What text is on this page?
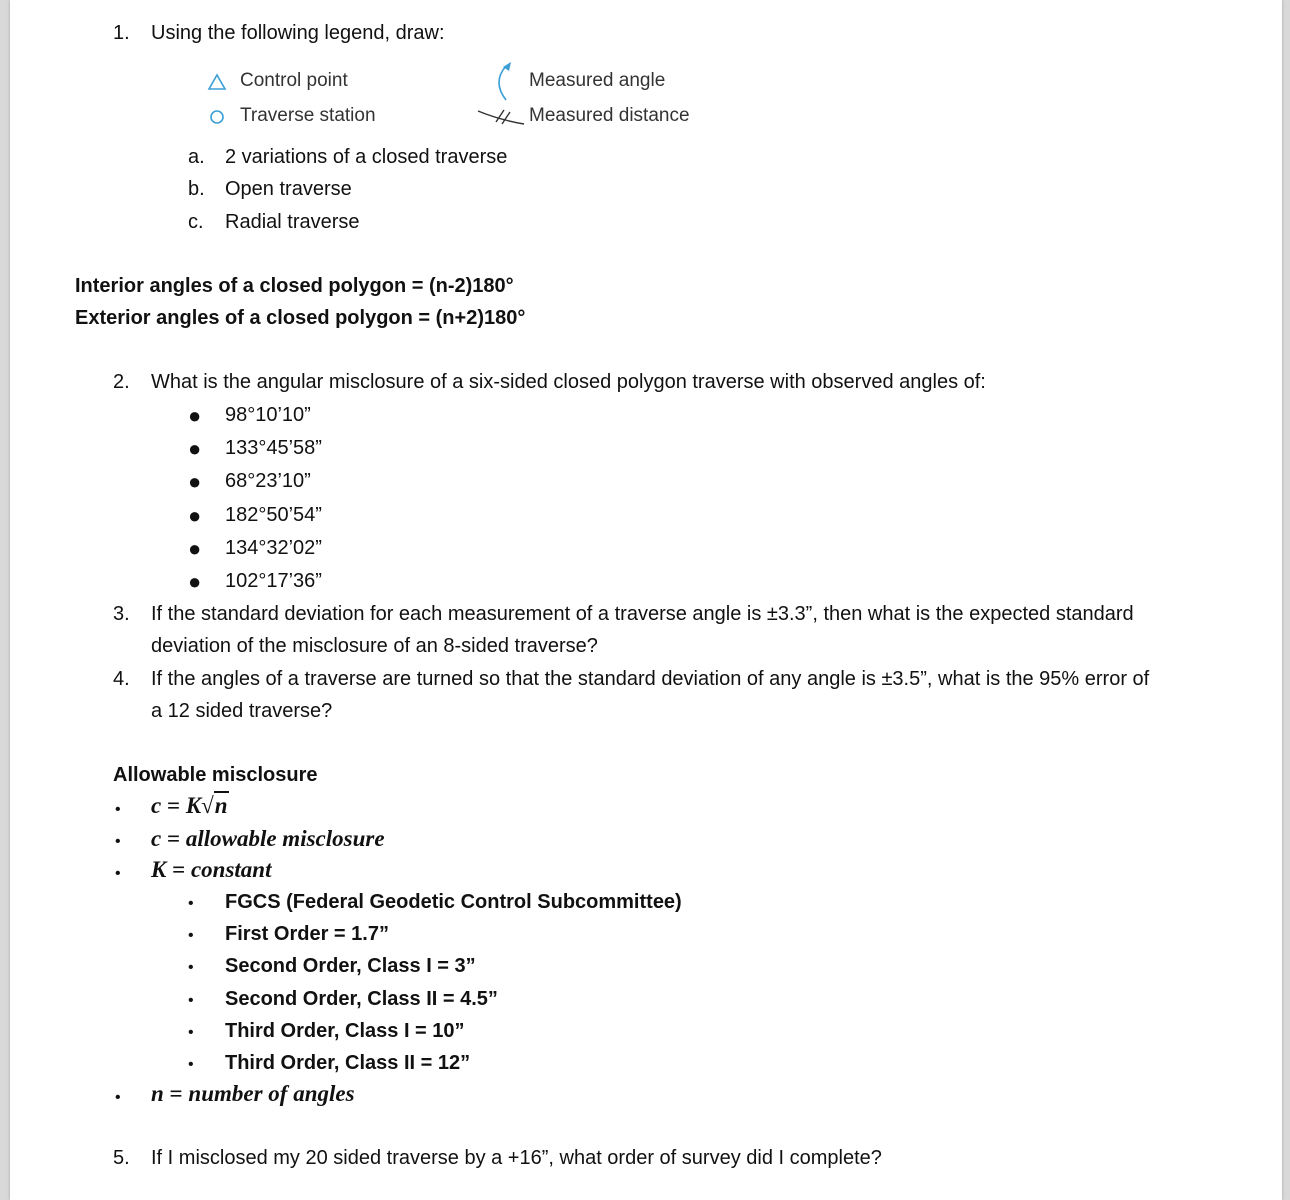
1. Using the following legend, draw:
Control point
Traverse station
Measured angle
Measured distance
a. 2 variations of a closed traverse
b. Open traverse
c. Radial traverse
Interior angles of a closed polygon = (n-2)180°
Exterior angles of a closed polygon = (n+2)180°
2. What is the angular misclosure of a six-sided closed polygon traverse with observed angles of:
● 98°10’10”
● 133°45’58”
● 68°23’10”
● 182°50’54”
● 134°32’02”
● 102°17’36”
3. If the standard deviation for each measurement of a traverse angle is ±3.3”, then what is the expected standard
deviation of the misclosure of an 8-sided traverse?
4. If the angles of a traverse are turned so that the standard deviation of any angle is ±3.5”, what is the 95% error of
a 12 sided traverse?
Allowable misclosure
• c = K√n
• c = allowable misclosure
• K = constant
• FGCS (Federal Geodetic Control Subcommittee)
• First Order = 1.7”
• Second Order, Class I = 3”
• Second Order, Class II = 4.5”
• Third Order, Class I = 10”
• Third Order, Class II = 12”
• n = number of angles
5. If I misclosed my 20 sided traverse by a +16”, what order of survey did I complete?
